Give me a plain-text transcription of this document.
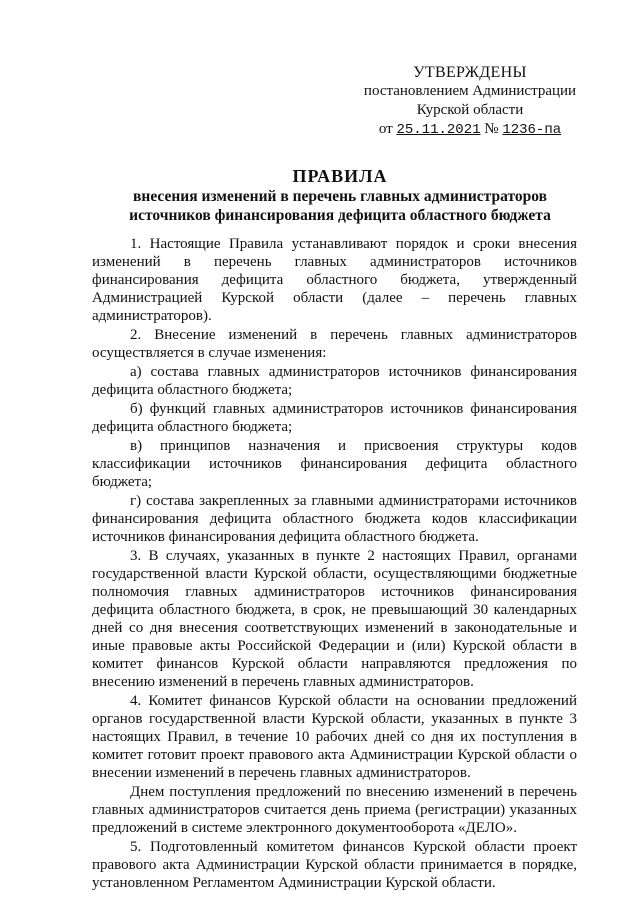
УТВЕРЖДЕНЫ
постановлением Администрации
Курской области
от 25.11.2021 № 1236-па
ПРАВИЛА
внесения изменений в перечень главных администраторов
источников финансирования дефицита областного бюджета

1. Настоящие Правила устанавливают порядок и сроки внесения изменений в перечень главных администраторов источников финансирования дефицита областного бюджета, утвержденный Администрацией Курской области (далее – перечень главных администраторов).

2. Внесение изменений в перечень главных администраторов осуществляется в случае изменения:

а) состава главных администраторов источников финансирования дефицита областного бюджета;

б) функций главных администраторов источников финансирования дефицита областного бюджета;

в) принципов назначения и присвоения структуры кодов классификации источников финансирования дефицита областного бюджета;

г) состава закрепленных за главными администраторами источников финансирования дефицита областного бюджета кодов классификации источников финансирования дефицита областного бюджета.

3. В случаях, указанных в пункте 2 настоящих Правил, органами государственной власти Курской области, осуществляющими бюджетные полномочия главных администраторов источников финансирования дефицита областного бюджета, в срок, не превышающий 30 календарных дней со дня внесения соответствующих изменений в законодательные и иные правовые акты Российской Федерации и (или) Курской области в комитет финансов Курской области направляются предложения по внесению изменений в перечень главных администраторов.

4. Комитет финансов Курской области на основании предложений органов государственной власти Курской области, указанных в пункте 3 настоящих Правил, в течение 10 рабочих дней со дня их поступления в комитет готовит проект правового акта Администрации Курской области о внесении изменений в перечень главных администраторов.

Днем поступления предложений по внесению изменений в перечень главных администраторов считается день приема (регистрации) указанных предложений в системе электронного документооборота «ДЕЛО».

5. Подготовленный комитетом финансов Курской области проект правового акта Администрации Курской области принимается в порядке, установленном Регламентом Администрации Курской области.
